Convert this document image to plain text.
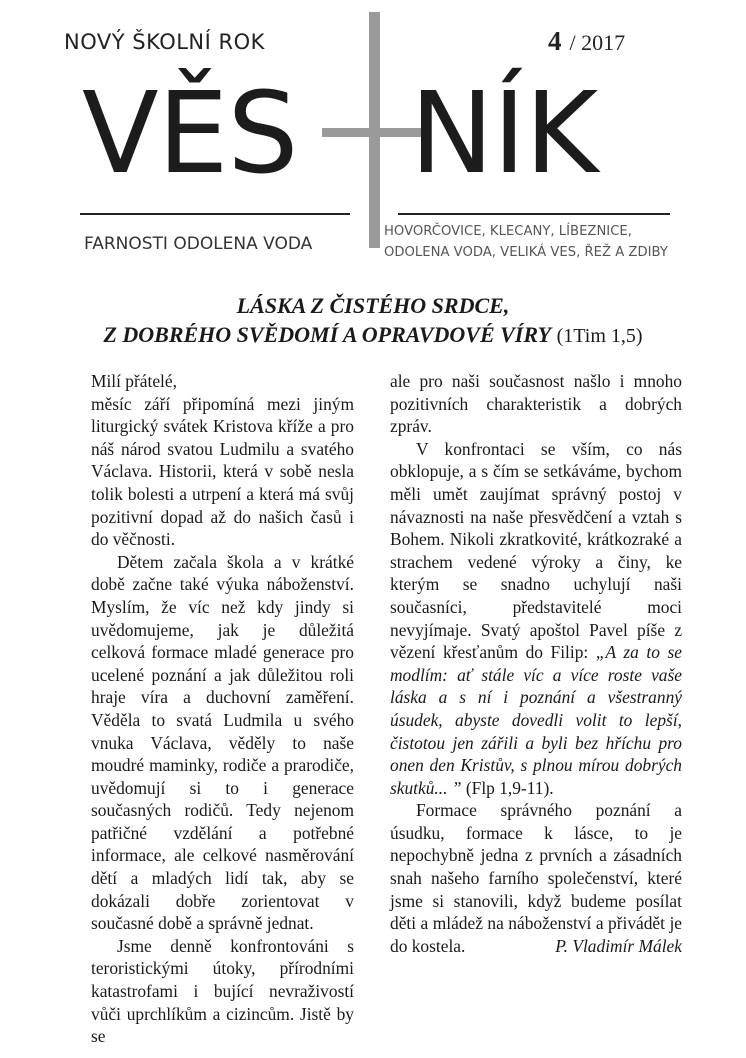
NOVÝ ŠKOLNÍ ROK	4 / 2017
VĚS NÍK
FARNOSTI ODOLENA VODA
HOVORČOVICE, KLECANY, LÍBEZNICE,
ODOLENA VODA, VELIKÁ VES, ŘEŽ A ZDIBY
LÁSKA Z ČISTÉHO SRDCE,
Z DOBRÉHO SVĚDOMÍ A OPRAVDOVÉ VÍRY (1Tim 1,5)

Milí přátelé,

měsíc září připomíná mezi jiným liturgický svátek Kristova kříže a pro náš národ svatou Ludmilu a svatého Václava. Historii, která v sobě nesla tolik bolesti a utrpení a která má svůj pozitivní dopad až do našich časů i do věčnosti.

Dětem začala škola a v krátké době začne také výuka náboženství. Myslím, že víc než kdy jindy si uvědomujeme, jak je důležitá celková formace mladé generace pro ucelené poznání a jak důležitou roli hraje víra a duchovní zaměření. Věděla to svatá Ludmila u svého vnuka Václava, věděly to naše moudré maminky, rodiče a prarodiče, uvědomují si to i generace současných rodičů. Tedy nejenom patřičné vzdělání a potřebné informace, ale celkové nasměrování dětí a mladých lidí tak, aby se dokázali dobře zorientovat v současné době a správně jednat.

Jsme denně konfrontováni s teroristickými útoky, přírodními katastrofami i bující nevraživostí vůči uprchlíkům a cizincům. Jistě by se

ale pro naši současnost našlo i mnoho pozitivních charakteristik a dobrých zpráv.

V konfrontaci se vším, co nás obklopuje, a s čím se setkáváme, bychom měli umět zaujímat správný postoj v návaznosti na naše přesvědčení a vztah s Bohem. Nikoli zkratkovité, krátkozraké a strachem vedené výroky a činy, ke kterým se snadno uchylují naši současníci, představitelé moci nevyjímaje. Svatý apoštol Pavel píše z vězení křesťanům do Filip: „A za to se modlím: ať stále víc a více roste vaše láska a s ní i poznání a všestranný úsudek, abyste dovedli volit to lepší, čistotou jen zářili a byli bez hříchu pro onen den Kristův, s plnou mírou dobrých skutků... ” (Flp 1,9-11).

Formace správného poznání a úsudku, formace k lásce, to je nepochybně jedna z prvních a zásadních snah našeho farního společenství, které jsme si stanovili, když budeme posílat děti a mládež na náboženství a přivádět je do kostela.	P. Vladimír Málek
